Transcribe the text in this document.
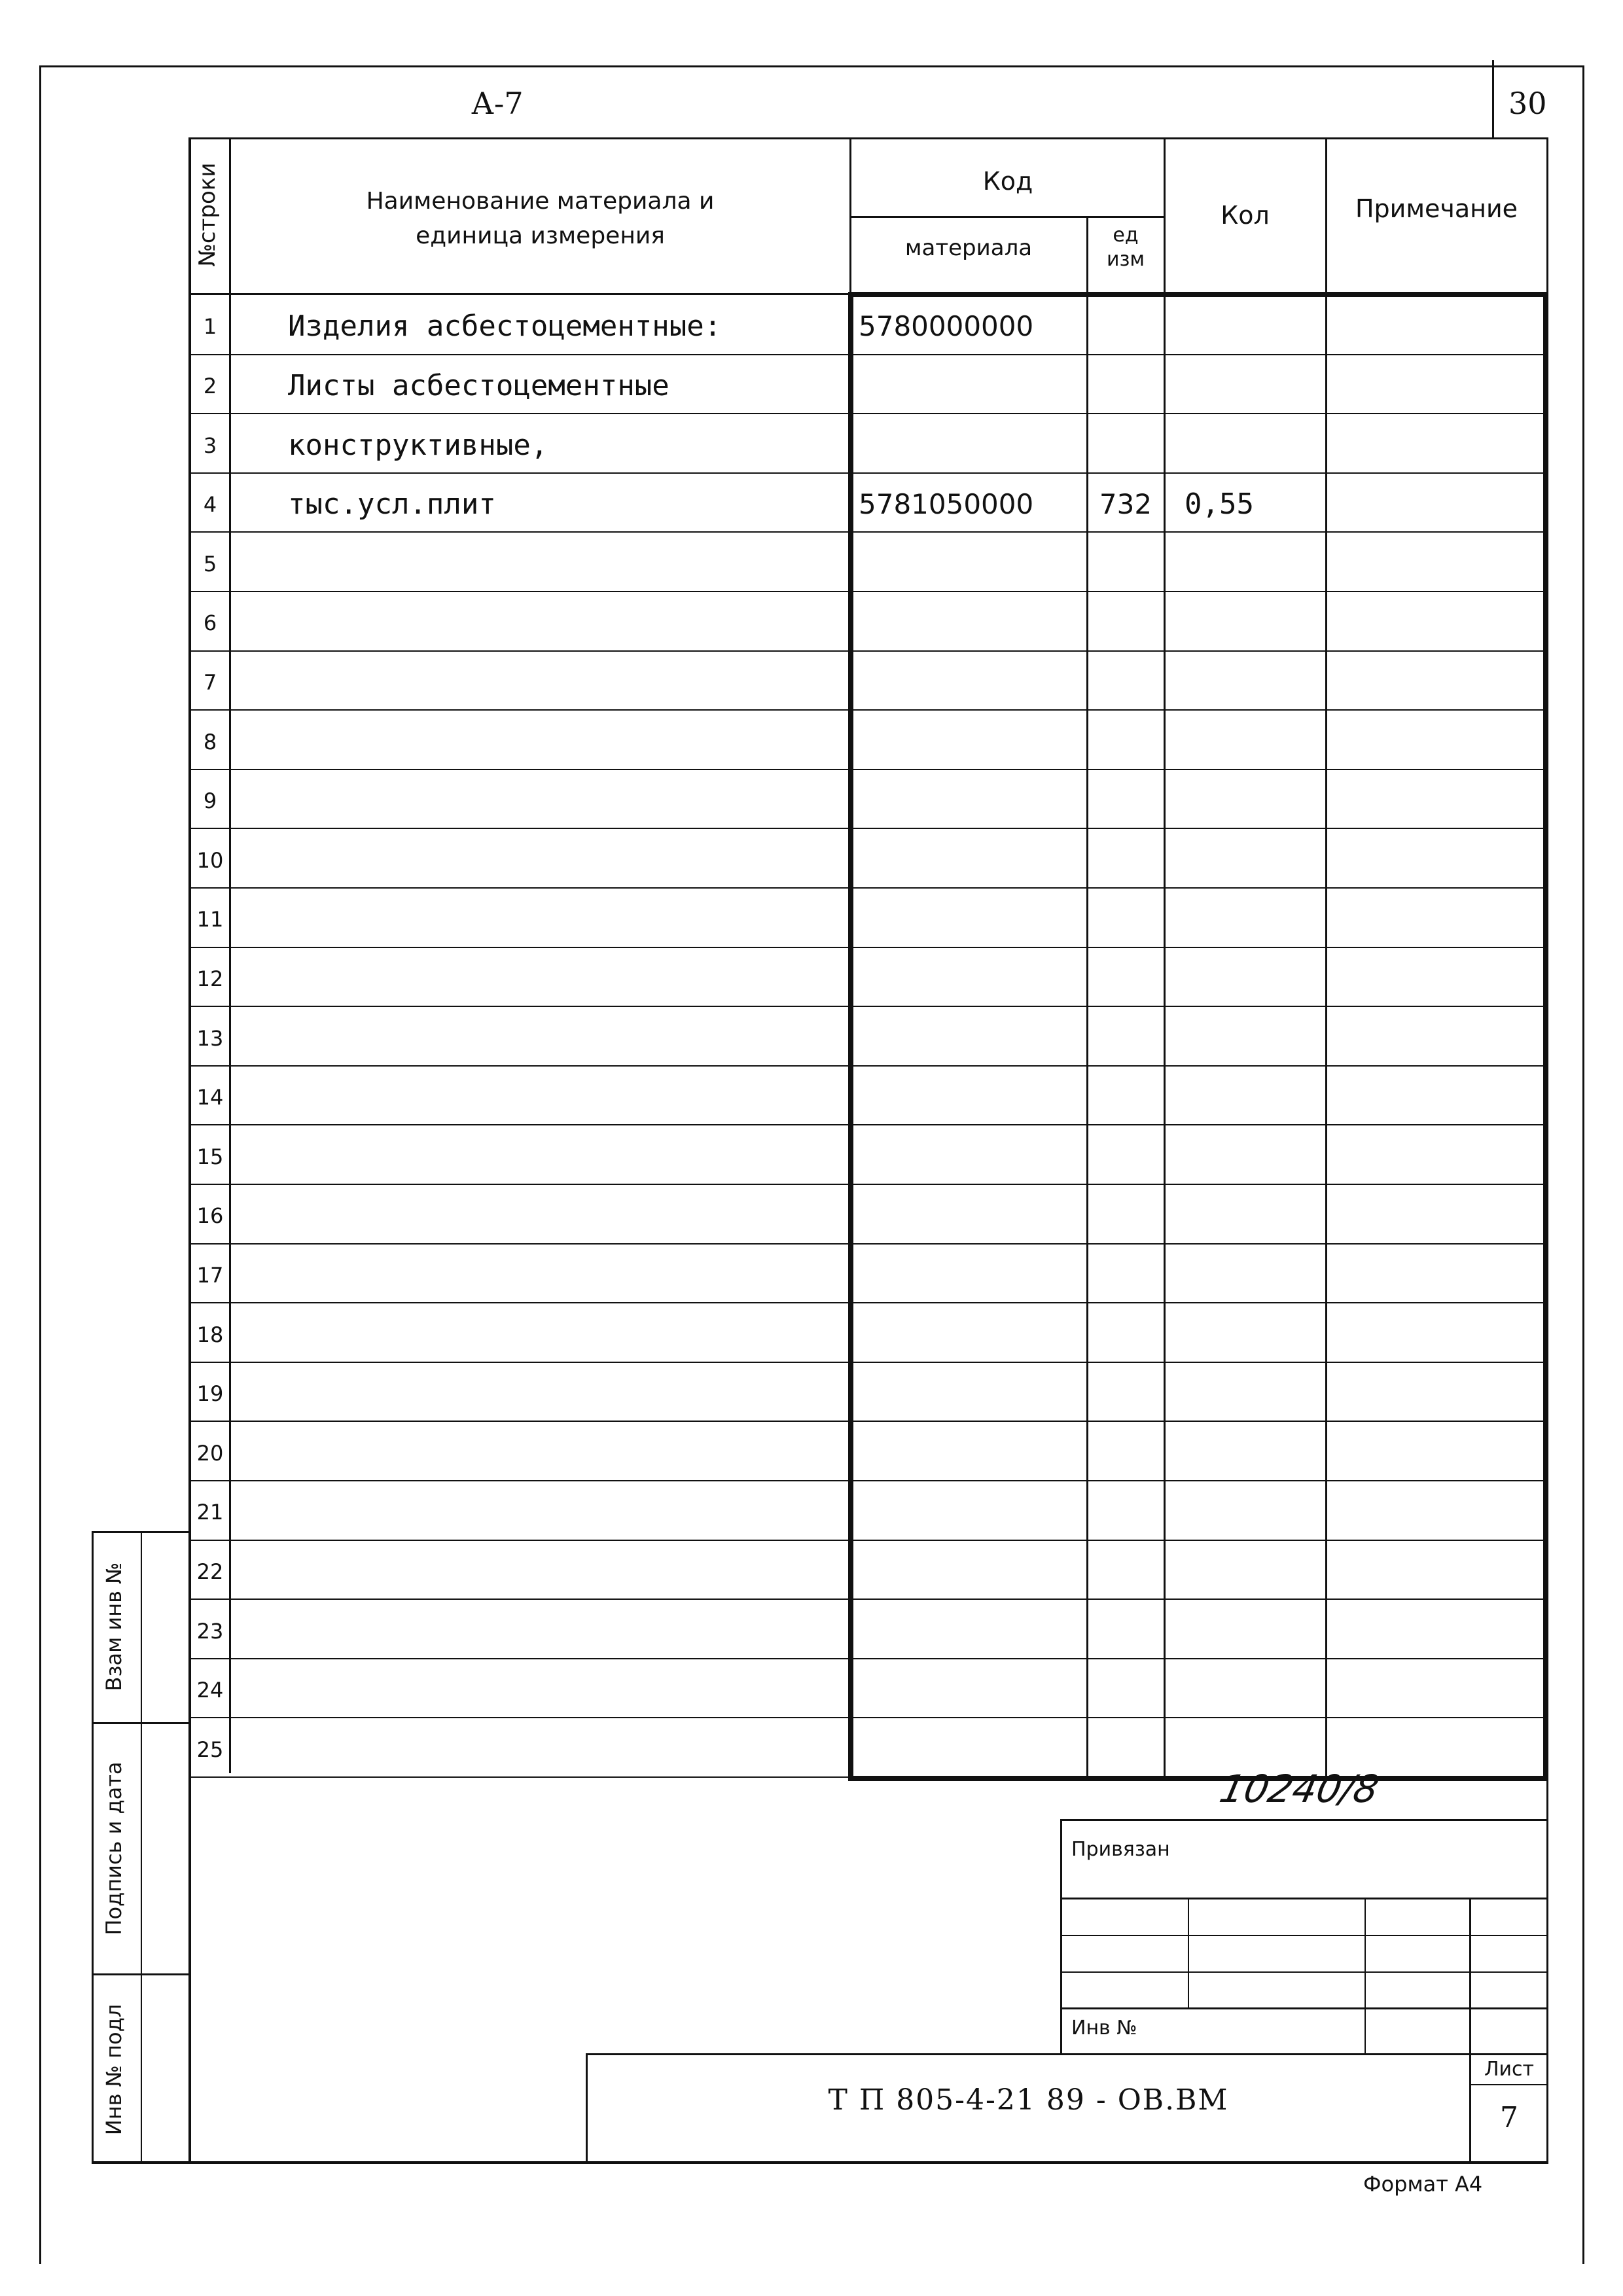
А-7	30
№строки	Наименование материала и
единица измерения
Код
материала	ед
изм
Кол	Примечание
1	Изделия асбестоцементные:	5780000000
2	Листы асбестоцементные
3	конструктивные,
4	тыс.усл.плит	5781050000	732	0,55
5
6
7
8
9
10
11
12
13
14
15
16
17
18
19
20
21
22
23
24
25
Взам инв №
Подпись и дата
Инв № подл
10240/8
Привязан
Инв №
Т П 805-4-21 89 - ОВ.ВМ
Лист
7
Формат А4
